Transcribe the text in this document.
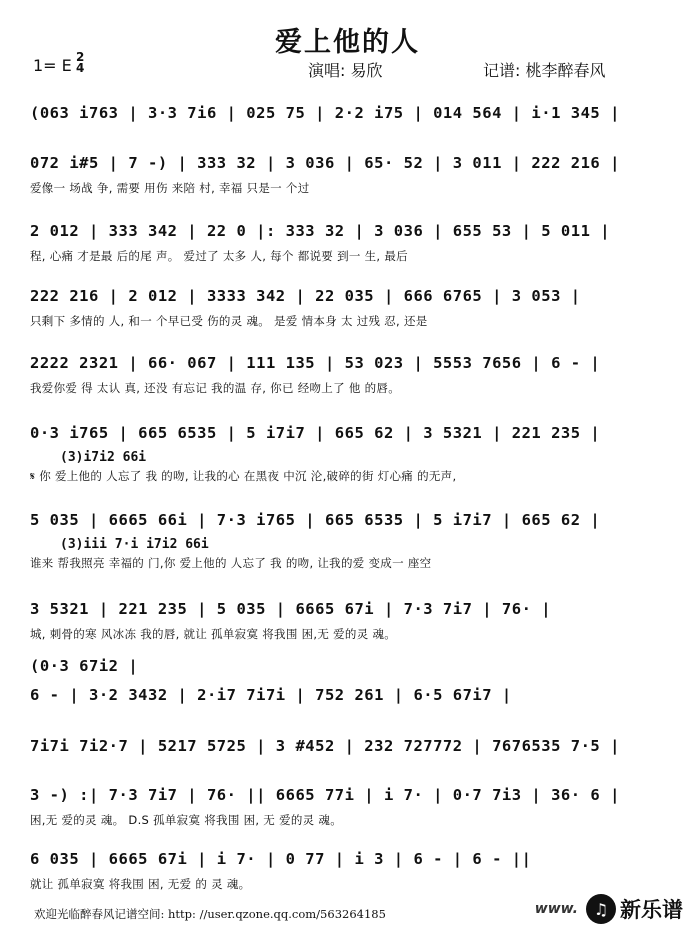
爱上他的人
1= E 2
4	演唱: 易欣	记谱: 桃李醉春风
(063 i763 | 3·3 7i6 | 025 75 | 2·2 i75 | 014 564 | i·1 345 |
072 i#5 | 7 -) | 333 32 | 3 036 | 65· 52 | 3 011 | 222 216 |
爱像一 场战 争, 需要 用伤 来陪 村, 幸福 只是一 个过
2 012 | 333 342 | 22 0 |: 333 32 | 3 036 | 655 53 | 5 011 |
程, 心痛 才是最 后的尾 声。 爱过了 太多 人, 每个 都说要 到一 生, 最后
222 216 | 2 012 | 3333 342 | 22 035 | 666 6765 | 3 053 |
只剩下 多情的 人, 和一 个早已受 伤的灵 魂。 是爱 情本身 太 过残 忍, 还是
2222 2321 | 66· 067 | 111 135 | 53 023 | 5553 7656 | 6 - |
我爱你爱 得 太认 真, 还没 有忘记 我的温 存, 你已 经吻上了 他 的唇。
0·3 i765 | 665 6535 | 5 i7i7 | 665 62 | 3 5321 | 221 235 |
(3)i7i2 66i
𝄋 你 爱上他的 人忘了 我 的吻, 让我的心 在黑夜 中沉 沦,破碎的街 灯心痛 的无声,
5 035 | 6665 66i | 7·3 i765 | 665 6535 | 5 i7i7 | 665 62 |
(3)iii 7·i i7i2 66i
谁来 帮我照亮 幸福的 门,你 爱上他的 人忘了 我 的吻, 让我的爱 变成一 座空
3 5321 | 221 235 | 5 035 | 6665 67i | 7·3 7i7 | 76· |
城, 刺骨的寒 风冰冻 我的唇, 就让 孤单寂寞 将我围 困,无 爱的灵 魂。
(0·3 67i2 |
6 - | 3·2 3432 | 2·i7 7i7i | 752 261 | 6·5 67i7 |
7i7i 7i2·7 | 5217 5725 | 3 #452 | 232 727772 | 7676535 7·5 |
3 -) :| 7·3 7i7 | 76· || 6665 77i | i 7· | 0·7 7i3 | 36· 6 |
困,无 爱的灵 魂。 D.S 孤单寂寞 将我围 困, 无 爱的灵 魂。
6 035 | 6665 67i | i 7· | 0 77 | i 3 | 6 - | 6 - ||
就让 孤单寂寞 将我围 困, 无爱 的 灵 魂。
欢迎光临醉春风记谱空间: http: //user.qzone.qq.com/563264185	www. ♫ 新乐谱
